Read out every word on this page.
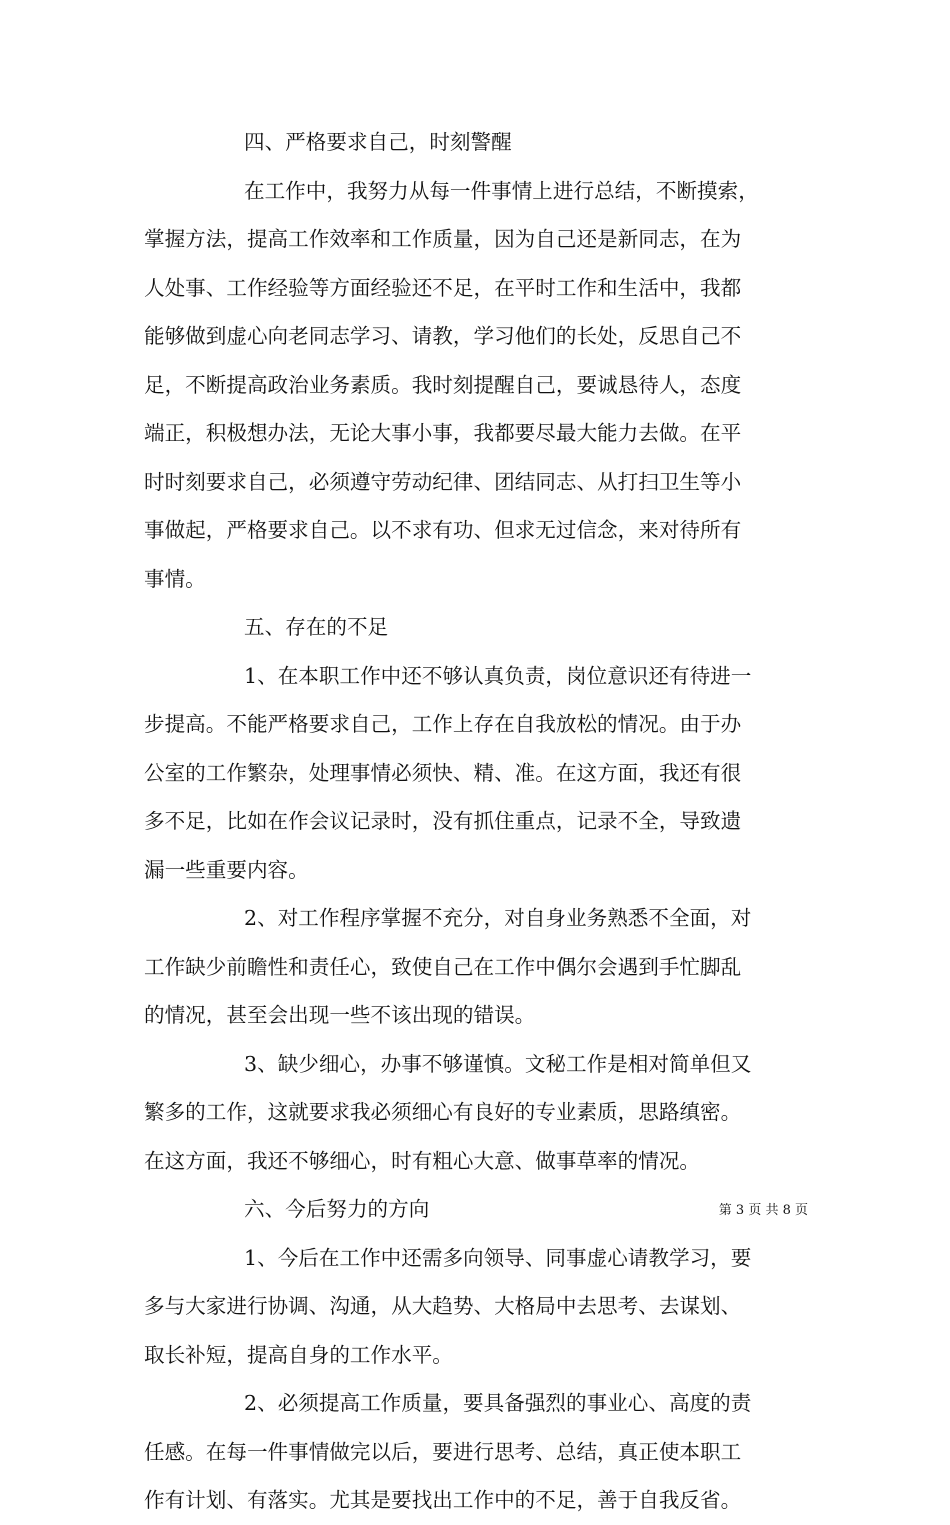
四、严格要求自己，时刻警醒
在工作中，我努力从每一件事情上进行总结，不断摸索，
掌握方法，提高工作效率和工作质量，因为自己还是新同志，在为
人处事、工作经验等方面经验还不足，在平时工作和生活中，我都
能够做到虚心向老同志学习、请教，学习他们的长处，反思自己不
足，不断提高政治业务素质。我时刻提醒自己，要诚恳待人，态度
端正，积极想办法，无论大事小事，我都要尽最大能力去做。在平
时时刻要求自己，必须遵守劳动纪律、团结同志、从打扫卫生等小
事做起，严格要求自己。以不求有功、但求无过信念，来对待所有
事情。
五、存在的不足
1、在本职工作中还不够认真负责，岗位意识还有待进一
步提高。不能严格要求自己，工作上存在自我放松的情况。由于办
公室的工作繁杂，处理事情必须快、精、准。在这方面，我还有很
多不足，比如在作会议记录时，没有抓住重点，记录不全，导致遗
漏一些重要内容。
2、对工作程序掌握不充分，对自身业务熟悉不全面，对
工作缺少前瞻性和责任心，致使自己在工作中偶尔会遇到手忙脚乱
的情况，甚至会出现一些不该出现的错误。
3、缺少细心，办事不够谨慎。文秘工作是相对简单但又
繁多的工作，这就要求我必须细心有良好的专业素质，思路缜密。
在这方面，我还不够细心，时有粗心大意、做事草率的情况。
六、今后努力的方向
1、今后在工作中还需多向领导、同事虚心请教学习，要
多与大家进行协调、沟通，从大趋势、大格局中去思考、去谋划、
取长补短，提高自身的工作水平。
2、必须提高工作质量，要具备强烈的事业心、高度的责
任感。在每一件事情做完以后，要进行思考、总结，真正使本职工
作有计划、有落实。尤其是要找出工作中的不足，善于自我反省。
第 3 页 共 8 页
